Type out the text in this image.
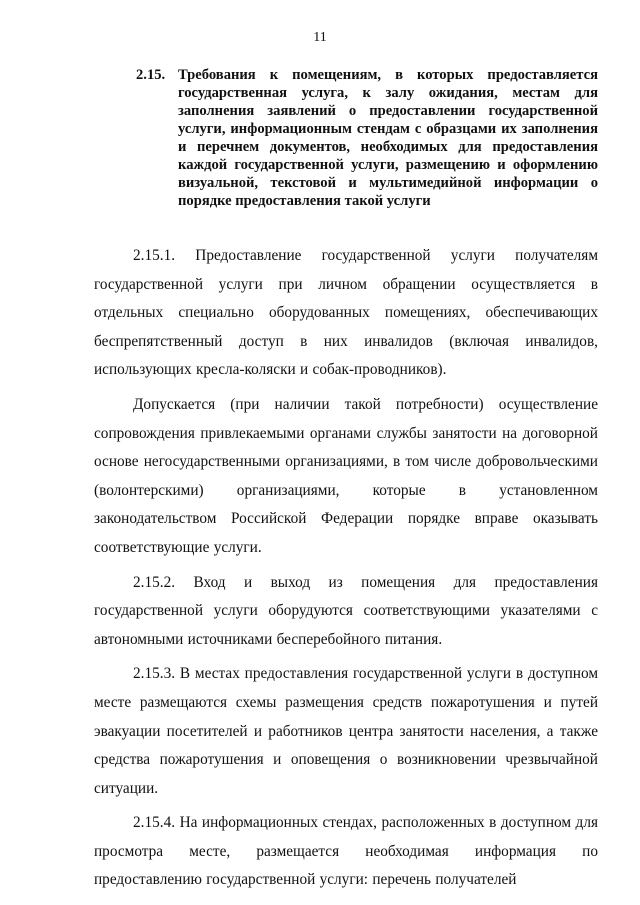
11
2.15. Требования к помещениям, в которых предоставляется государственная услуга, к залу ожидания, местам для заполнения заявлений о предоставлении государственной услуги, информационным стендам с образцами их заполнения и перечнем документов, необходимых для предоставления каждой государственной услуги, размещению и оформлению визуальной, текстовой и мультимедийной информации о порядке предоставления такой услуги

2.15.1. Предоставление государственной услуги получателям государственной услуги при личном обращении осуществляется в отдельных специально оборудованных помещениях, обеспечивающих беспрепятственный доступ в них инвалидов (включая инвалидов, использующих кресла-коляски и собак-проводников).

Допускается (при наличии такой потребности) осуществление сопровождения привлекаемыми органами службы занятости на договорной основе негосударственными организациями, в том числе добровольческими (волонтерскими) организациями, которые в установленном законодательством Российской Федерации порядке вправе оказывать соответствующие услуги.

2.15.2. Вход и выход из помещения для предоставления государственной услуги оборудуются соответствующими указателями с автономными источниками бесперебойного питания.

2.15.3. В местах предоставления государственной услуги в доступном месте размещаются схемы размещения средств пожаротушения и путей эвакуации посетителей и работников центра занятости населения, а также средства пожаротушения и оповещения о возникновении чрезвычайной ситуации.

2.15.4. На информационных стендах, расположенных в доступном для просмотра месте, размещается необходимая информация по предоставлению государственной услуги: перечень получателей
